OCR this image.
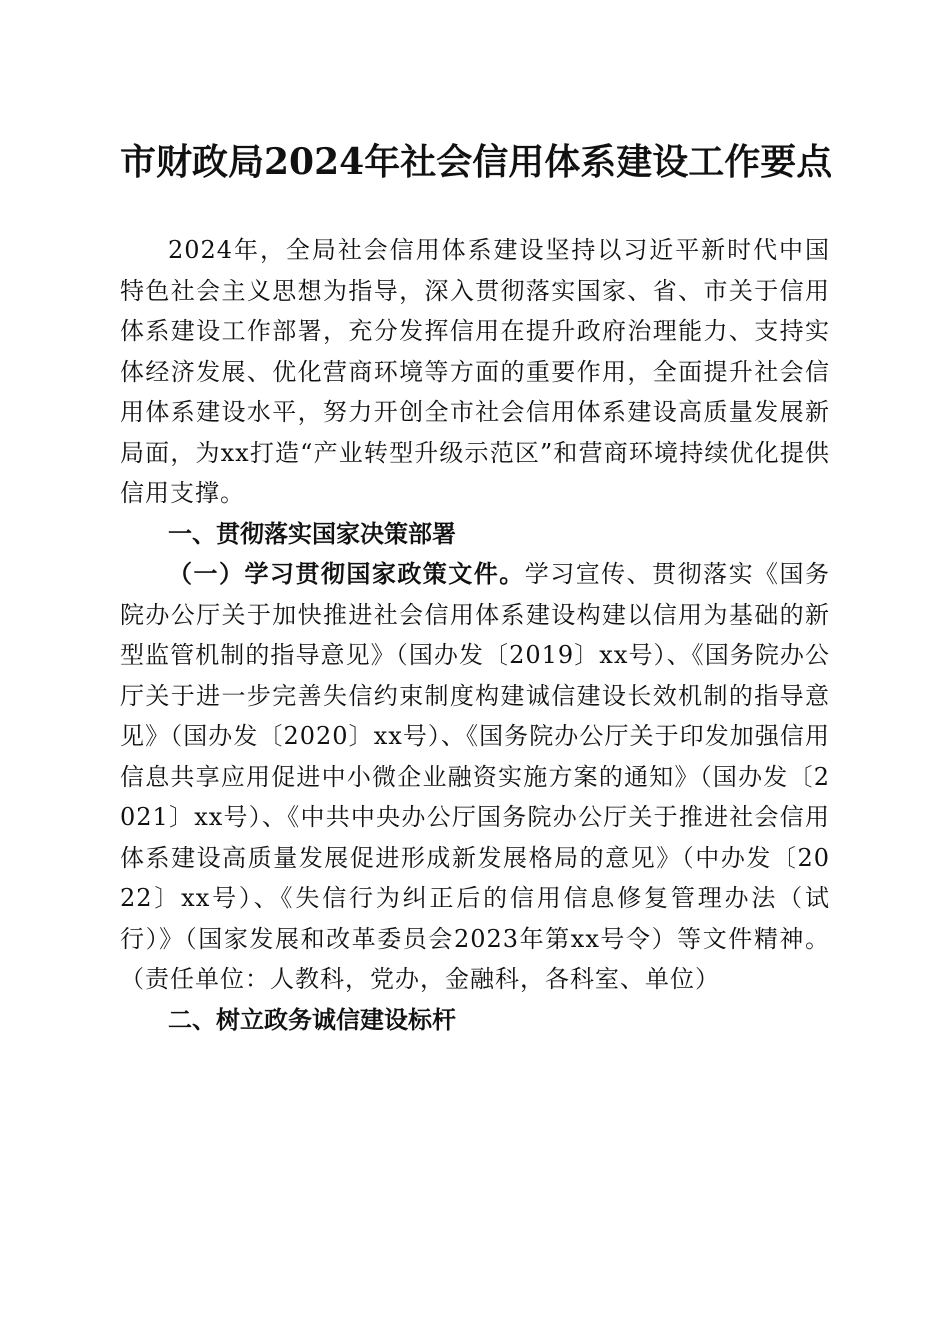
市财政局2024年社会信用体系建设工作要点

2024年，全局社会信用体系建设坚持以习近平新时代中国特色社会主义思想为指导，深入贯彻落实国家、省、市关于信用体系建设工作部署，充分发挥信用在提升政府治理能力、支持实体经济发展、优化营商环境等方面的重要作用，全面提升社会信用体系建设水平，努力开创全市社会信用体系建设高质量发展新局面，为xx打造“产业转型升级示范区”和营商环境持续优化提供信用支撑。

一、贯彻落实国家决策部署

（一）学习贯彻国家政策文件。学习宣传、贯彻落实《国务院办公厅关于加快推进社会信用体系建设构建以信用为基础的新型监管机制的指导意见》（国办发〔2019〕xx号）、《国务院办公厅关于进一步完善失信约束制度构建诚信建设长效机制的指导意见》（国办发〔2020〕xx号）、《国务院办公厅关于印发加强信用信息共享应用促进中小微企业融资实施方案的通知》（国办发〔2021〕xx号）、《中共中央办公厅国务院办公厅关于推进社会信用体系建设高质量发展促进形成新发展格局的意见》（中办发〔2022〕xx号）、《失信行为纠正后的信用信息修复管理办法（试行）》（国家发展和改革委员会2023年第xx号令）等文件精神。（责任单位：人教科，党办，金融科，各科室、单位）

二、树立政务诚信建设标杆
